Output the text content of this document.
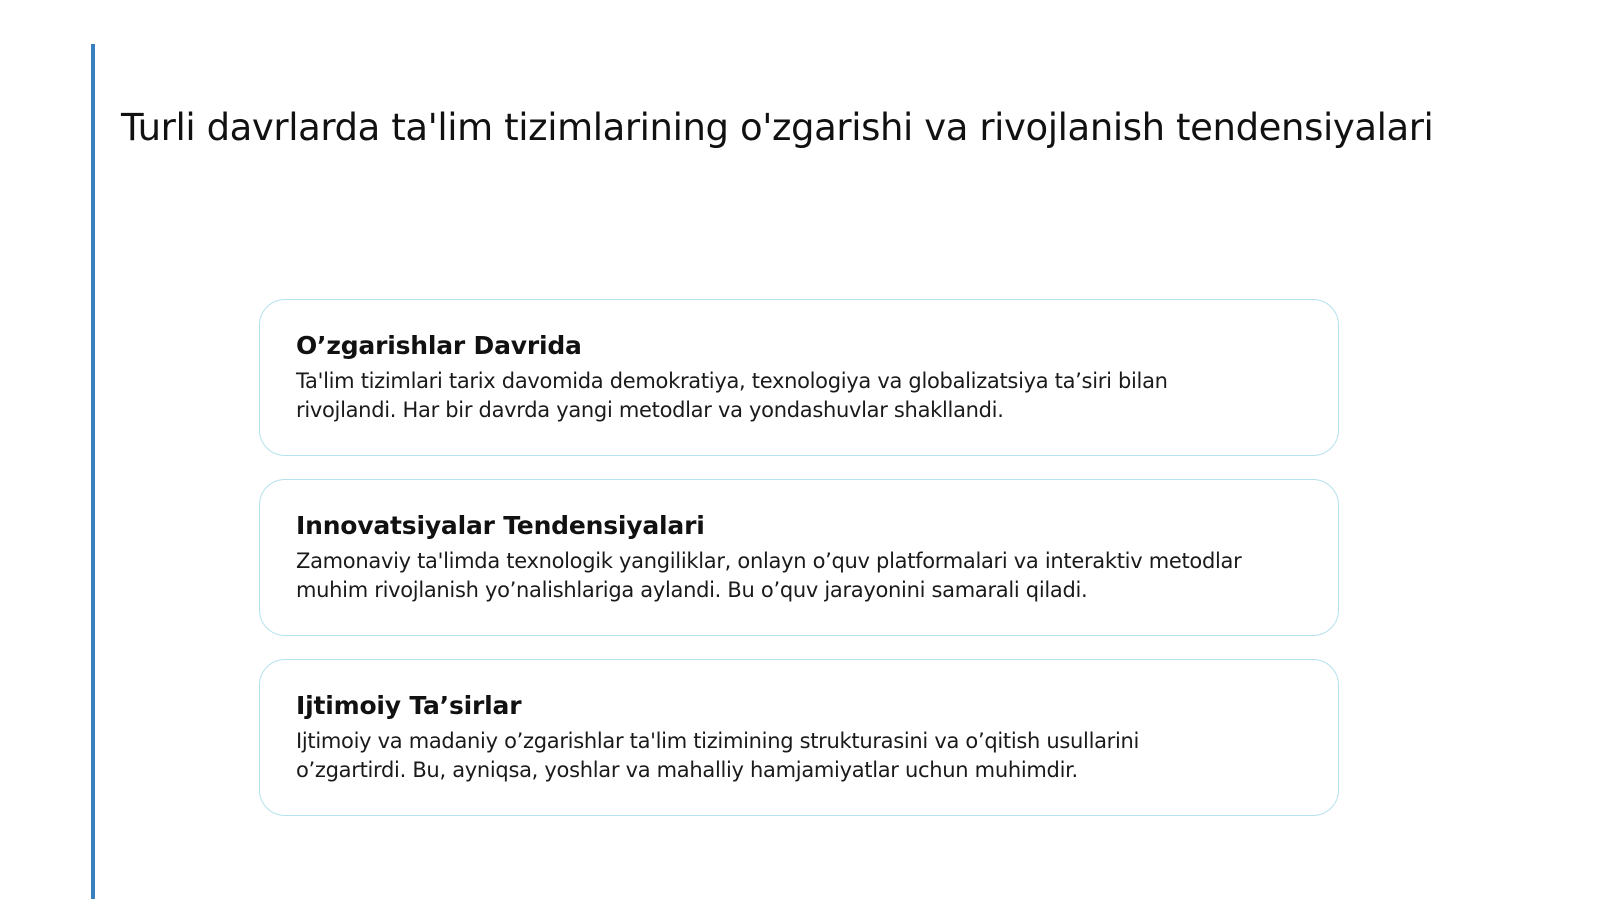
Turli davrlarda ta'lim tizimlarining o'zgarishi va rivojlanish tendensiyalari
O’zgarishlar Davrida
Ta'lim tizimlari tarix davomida demokratiya, texnologiya va globalizatsiya ta’siri bilan
rivojlandi. Har bir davrda yangi metodlar va yondashuvlar shakllandi.
Innovatsiyalar Tendensiyalari
Zamonaviy ta'limda texnologik yangiliklar, onlayn o’quv platformalari va interaktiv metodlar
muhim rivojlanish yo’nalishlariga aylandi. Bu o’quv jarayonini samarali qiladi.
Ijtimoiy Ta’sirlar
Ijtimoiy va madaniy o’zgarishlar ta'lim tizimining strukturasini va o’qitish usullarini
o’zgartirdi. Bu, ayniqsa, yoshlar va mahalliy hamjamiyatlar uchun muhimdir.
